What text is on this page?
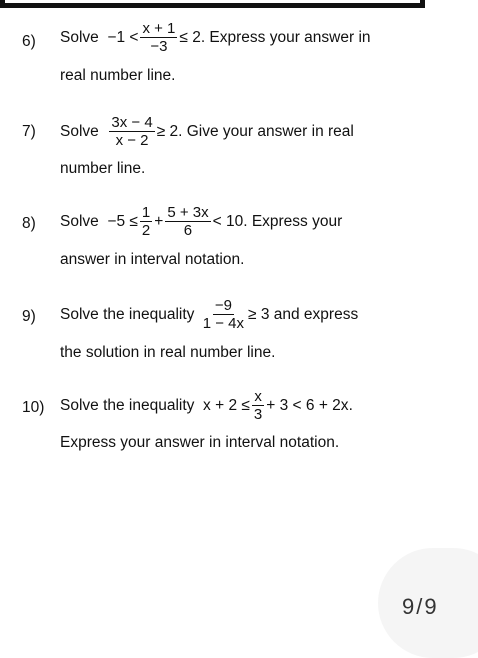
6) Solve
$-1 < \frac{x + 1}{-3} \le 2$ . Express your answer in
real number line.
7) Solve
$\frac{3x - 4}{x - 2} \ge 2$ . Give your answer in real
number line.
8) Solve
$-5 \le \frac{1}{2} + \frac{5 + 3x}{6} < 10$ . Express your
answer in interval notation.
9) Solve the inequality
$\frac{-9}{1 - 4x} \ge 3$
and express
the solution in real number line.
10) Solve the inequality
$x + 2 \le \frac{x}{3} + 3 < 6 + 2x$ .
Express your answer in interval notation.
9/9
